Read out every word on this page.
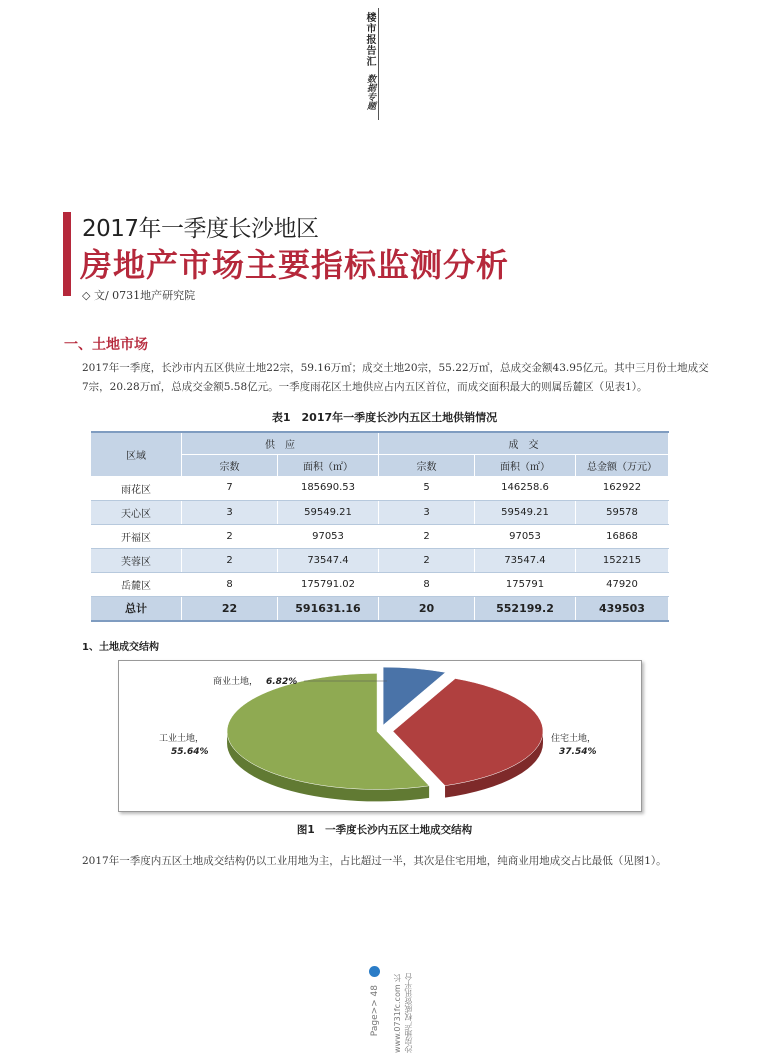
楼市报告汇
数据专题
2017年一季度长沙地区
房地产市场主要指标监测分析
◇ 文/ 0731地产研究院
一、土地市场

2017年一季度，长沙市内五区供应土地22宗，59.16万㎡；成交土地20宗，55.22万㎡，总成交金额43.95亿元。其中三月份土地成交7宗，20.28万㎡，总成交金额5.58亿元。一季度雨花区土地供应占内五区首位，而成交面积最大的则属岳麓区（见表1）。

表1　2017年一季度长沙内五区土地供销情况
区域	供　应		成　交		
	宗数	面积（㎡）	宗数	面积（㎡）	总金额（万元）
雨花区	7	185690.53	5	146258.6	162922
天心区	3	59549.21	3	59549.21	59578
开福区	2	97053	2	97053	16868
芙蓉区	2	73547.4	2	73547.4	152215
岳麓区	8	175791.02	8	175791	47920
总计	22	591631.16	20	552199.2	439503
1、土地成交结构
商业土地， 6.82%
住宅土地，
37.54%
工业土地，
55.64%
图1　一季度长沙内五区土地成交结构

2017年一季度内五区土地成交结构仍以工业用地为主，占比超过一半，其次是住宅用地，纯商业用地成交占比最低（见图1）。

Page>> 48 www.0731fc.com 长沙房地产权威资讯平台
